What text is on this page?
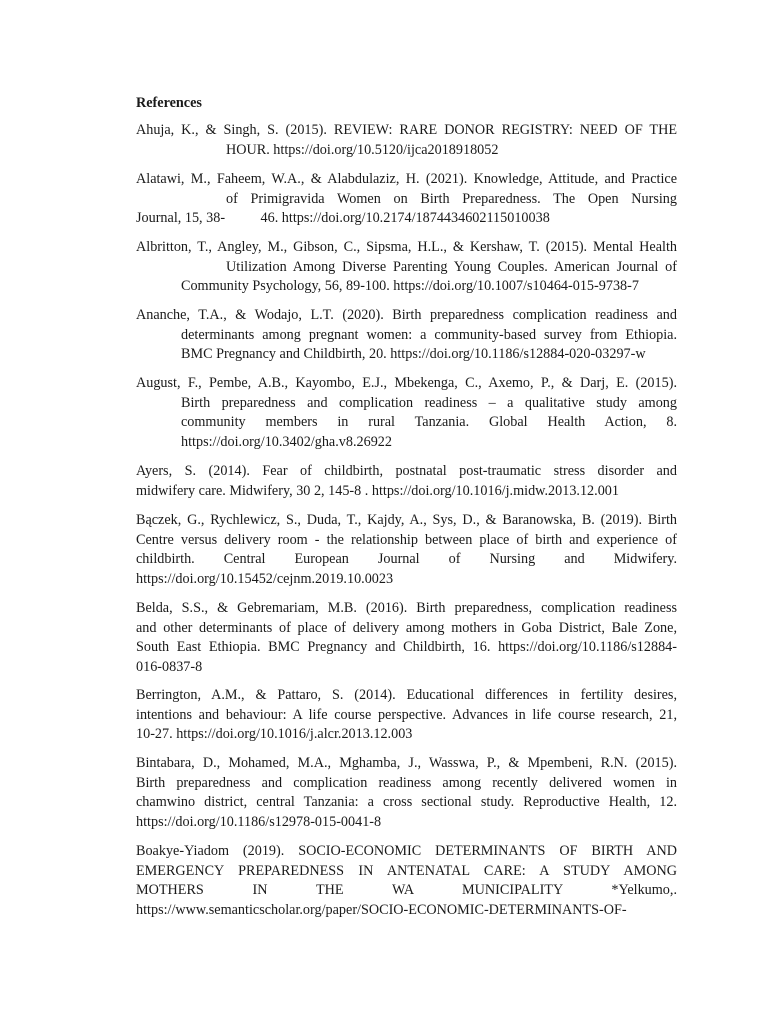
References
Ahuja, K., & Singh, S. (2015). REVIEW: RARE DONOR REGISTRY: NEED OF THE
HOUR. https://doi.org/10.5120/ijca2018918052
Alatawi, M., Faheem, W.A., & Alabdulaziz, H. (2021). Knowledge, Attitude, and Practice
of Primigravida Women on Birth Preparedness. The Open Nursing
Journal, 15, 38-          46. https://doi.org/10.2174/1874434602115010038
Albritton, T., Angley, M., Gibson, C., Sipsma, H.L., & Kershaw, T. (2015). Mental Health
Utilization Among Diverse Parenting Young Couples. American Journal of
Community Psychology, 56, 89-100. https://doi.org/10.1007/s10464-015-9738-7
Ananche, T.A., & Wodajo, L.T. (2020). Birth preparedness complication readiness and
determinants among pregnant women: a community-based survey from Ethiopia.
BMC Pregnancy and Childbirth, 20. https://doi.org/10.1186/s12884-020-03297-w
August, F., Pembe, A.B., Kayombo, E.J., Mbekenga, C., Axemo, P., & Darj, E. (2015).
Birth preparedness and complication readiness – a qualitative study among
community members in rural Tanzania. Global Health Action, 8.
https://doi.org/10.3402/gha.v8.26922
Ayers, S. (2014). Fear of childbirth, postnatal post-traumatic stress disorder and
midwifery care. Midwifery, 30 2, 145-8 . https://doi.org/10.1016/j.midw.2013.12.001
Bączek, G., Rychlewicz, S., Duda, T., Kajdy, A., Sys, D., & Baranowska, B. (2019). Birth
Centre versus delivery room - the relationship between place of birth and experience of
childbirth. Central European Journal of Nursing and Midwifery.
https://doi.org/10.15452/cejnm.2019.10.0023
Belda, S.S., & Gebremariam, M.B. (2016). Birth preparedness, complication readiness
and other determinants of place of delivery among mothers in Goba District, Bale Zone,
South East Ethiopia. BMC Pregnancy and Childbirth, 16. https://doi.org/10.1186/s12884-
016-0837-8
Berrington, A.M., & Pattaro, S. (2014). Educational differences in fertility desires,
intentions and behaviour: A life course perspective. Advances in life course research, 21,
10-27. https://doi.org/10.1016/j.alcr.2013.12.003
Bintabara, D., Mohamed, M.A., Mghamba, J., Wasswa, P., & Mpembeni, R.N. (2015).
Birth preparedness and complication readiness among recently delivered women in
chamwino district, central Tanzania: a cross sectional study. Reproductive Health, 12.
https://doi.org/10.1186/s12978-015-0041-8
Boakye-Yiadom (2019). SOCIO-ECONOMIC DETERMINANTS OF BIRTH AND
EMERGENCY PREPAREDNESS IN ANTENATAL CARE: A STUDY AMONG
MOTHERS IN THE WA MUNICIPALITY *Yelkumo,.
https://www.semanticscholar.org/paper/SOCIO-ECONOMIC-DETERMINANTS-OF-
